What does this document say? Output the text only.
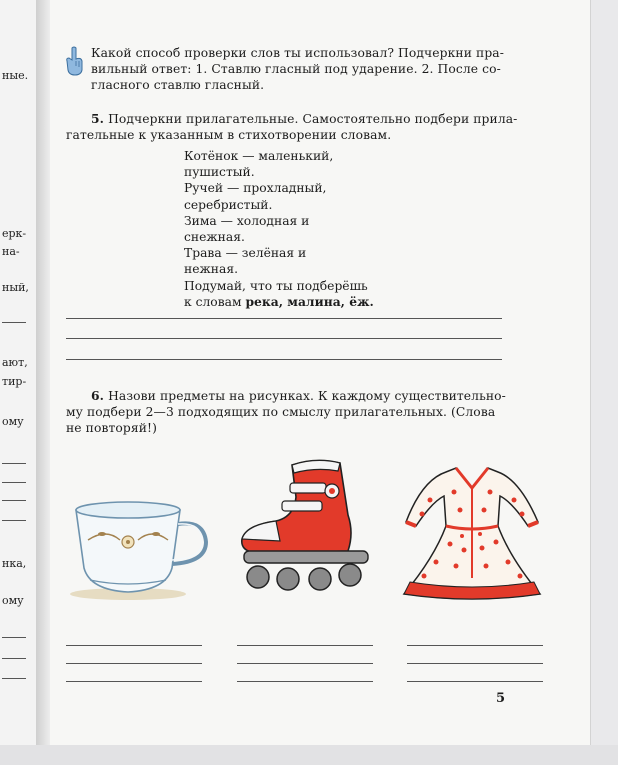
ные.
ерк-
на-
ный,
ают,
тир-
ому
нка,
ому
Какой способ проверки слов ты использовал? Подчеркни пра-
вильный ответ: 1. Ставлю гласный под ударение. 2. После со-
гласного ставлю гласный.
5. Подчеркни прилагательные. Самостоятельно подбери прила-
гательные к указанным в стихотворении словам.
Котёнок — маленький,
пушистый.
Ручей — прохладный,
серебристый.
Зима — холодная и
снежная.
Трава — зелёная и
нежная.
Подумай, что ты подберёшь
к словам река, малина, ёж.
6. Назови предметы на рисунках. К каждому существительно-
му подбери 2—3 подходящих по смыслу прилагательных. (Слова
не повторяй!)
5
